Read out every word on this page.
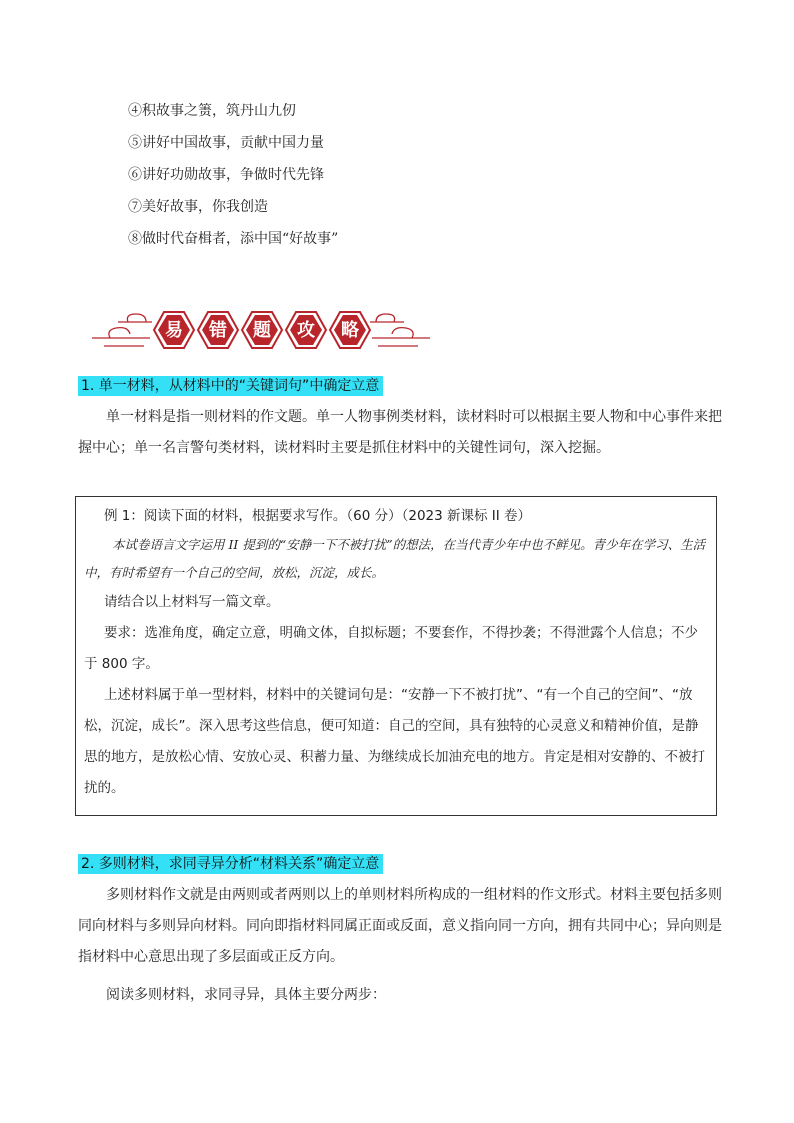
④积故事之箦，筑丹山九仞
⑤讲好中国故事，贡献中国力量
⑥讲好功勋故事，争做时代先锋
⑦美好故事，你我创造
⑧做时代奋楫者，添中国“好故事”
易	错	题	攻	略
1. 单一材料，从材料中的“关键词句”中确定立意

单一材料是指一则材料的作文题。单一人物事例类材料，读材料时可以根据主要人物和中心事件来把握中心；单一名言警句类材料，读材料时主要是抓住材料中的关键性词句，深入挖掘。

例 1：阅读下面的材料，根据要求写作。（60 分）（2023 新课标 II 卷）

本试卷语言文字运用 II 提到的“安静一下不被打扰”的想法，在当代青少年中也不鲜见。青少年在学习、生活中，有时希望有一个自己的空间，放松，沉淀，成长。

请结合以上材料写一篇文章。

要求：选准角度，确定立意，明确文体，自拟标题；不要套作，不得抄袭；不得泄露个人信息；不少于 800 字。

上述材料属于单一型材料，材料中的关键词句是：“安静一下不被打扰”、“有一个自己的空间”、“放松，沉淀，成长”。深入思考这些信息，便可知道：自己的空间，具有独特的心灵意义和精神价值，是静思的地方，是放松心情、安放心灵、积蓄力量、为继续成长加油充电的地方。肯定是相对安静的、不被打扰的。

2. 多则材料，求同寻异分析“材料关系”确定立意

多则材料作文就是由两则或者两则以上的单则材料所构成的一组材料的作文形式。材料主要包括多则同向材料与多则异向材料。同向即指材料同属正面或反面，意义指向同一方向，拥有共同中心；异向则是指材料中心意思出现了多层面或正反方向。

阅读多则材料，求同寻异，具体主要分两步：
